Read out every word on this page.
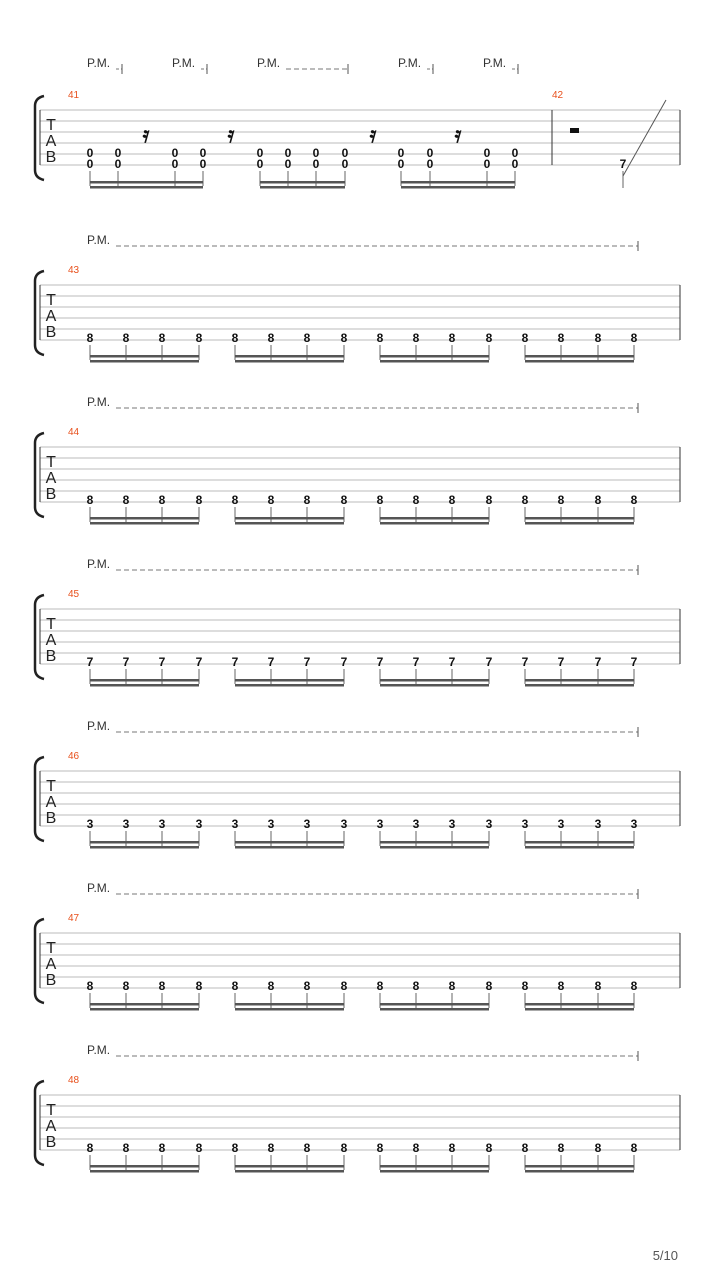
P.M.	P.M.	P.M.	P.M.	P.M.
T
A
B
41	42
0
0
0
0
0
0
0
0
0
0
0
0
0
0
0
0
0
0
0
0
0
0
0
0
𝄿	𝄿	𝄿	𝄿
7
P.M.
T
A
B
43
8 8 8	8 8 8 8	8 8 8 8	8 8 8	8 8
P.M.
T
A
B
44
8 8 8	8 8 8 8	8 8 8 8	8 8 8	8 8
P.M.
T
A
B
45
7 7 7	7 7 7 7	7 7 7 7	7 7 7	7 7
P.M.
T
A
B
46
3 3 3	3 3 3 3	3 3 3 3	3 3 3	3 3
P.M.
T
A
B
47
8 8 8	8 8 8 8	8 8 8 8	8 8 8	8 8
P.M.
T
A
B
48
8 8 8	8 8 8 8	8 8 8 8	8 8 8	8 8
5/10
